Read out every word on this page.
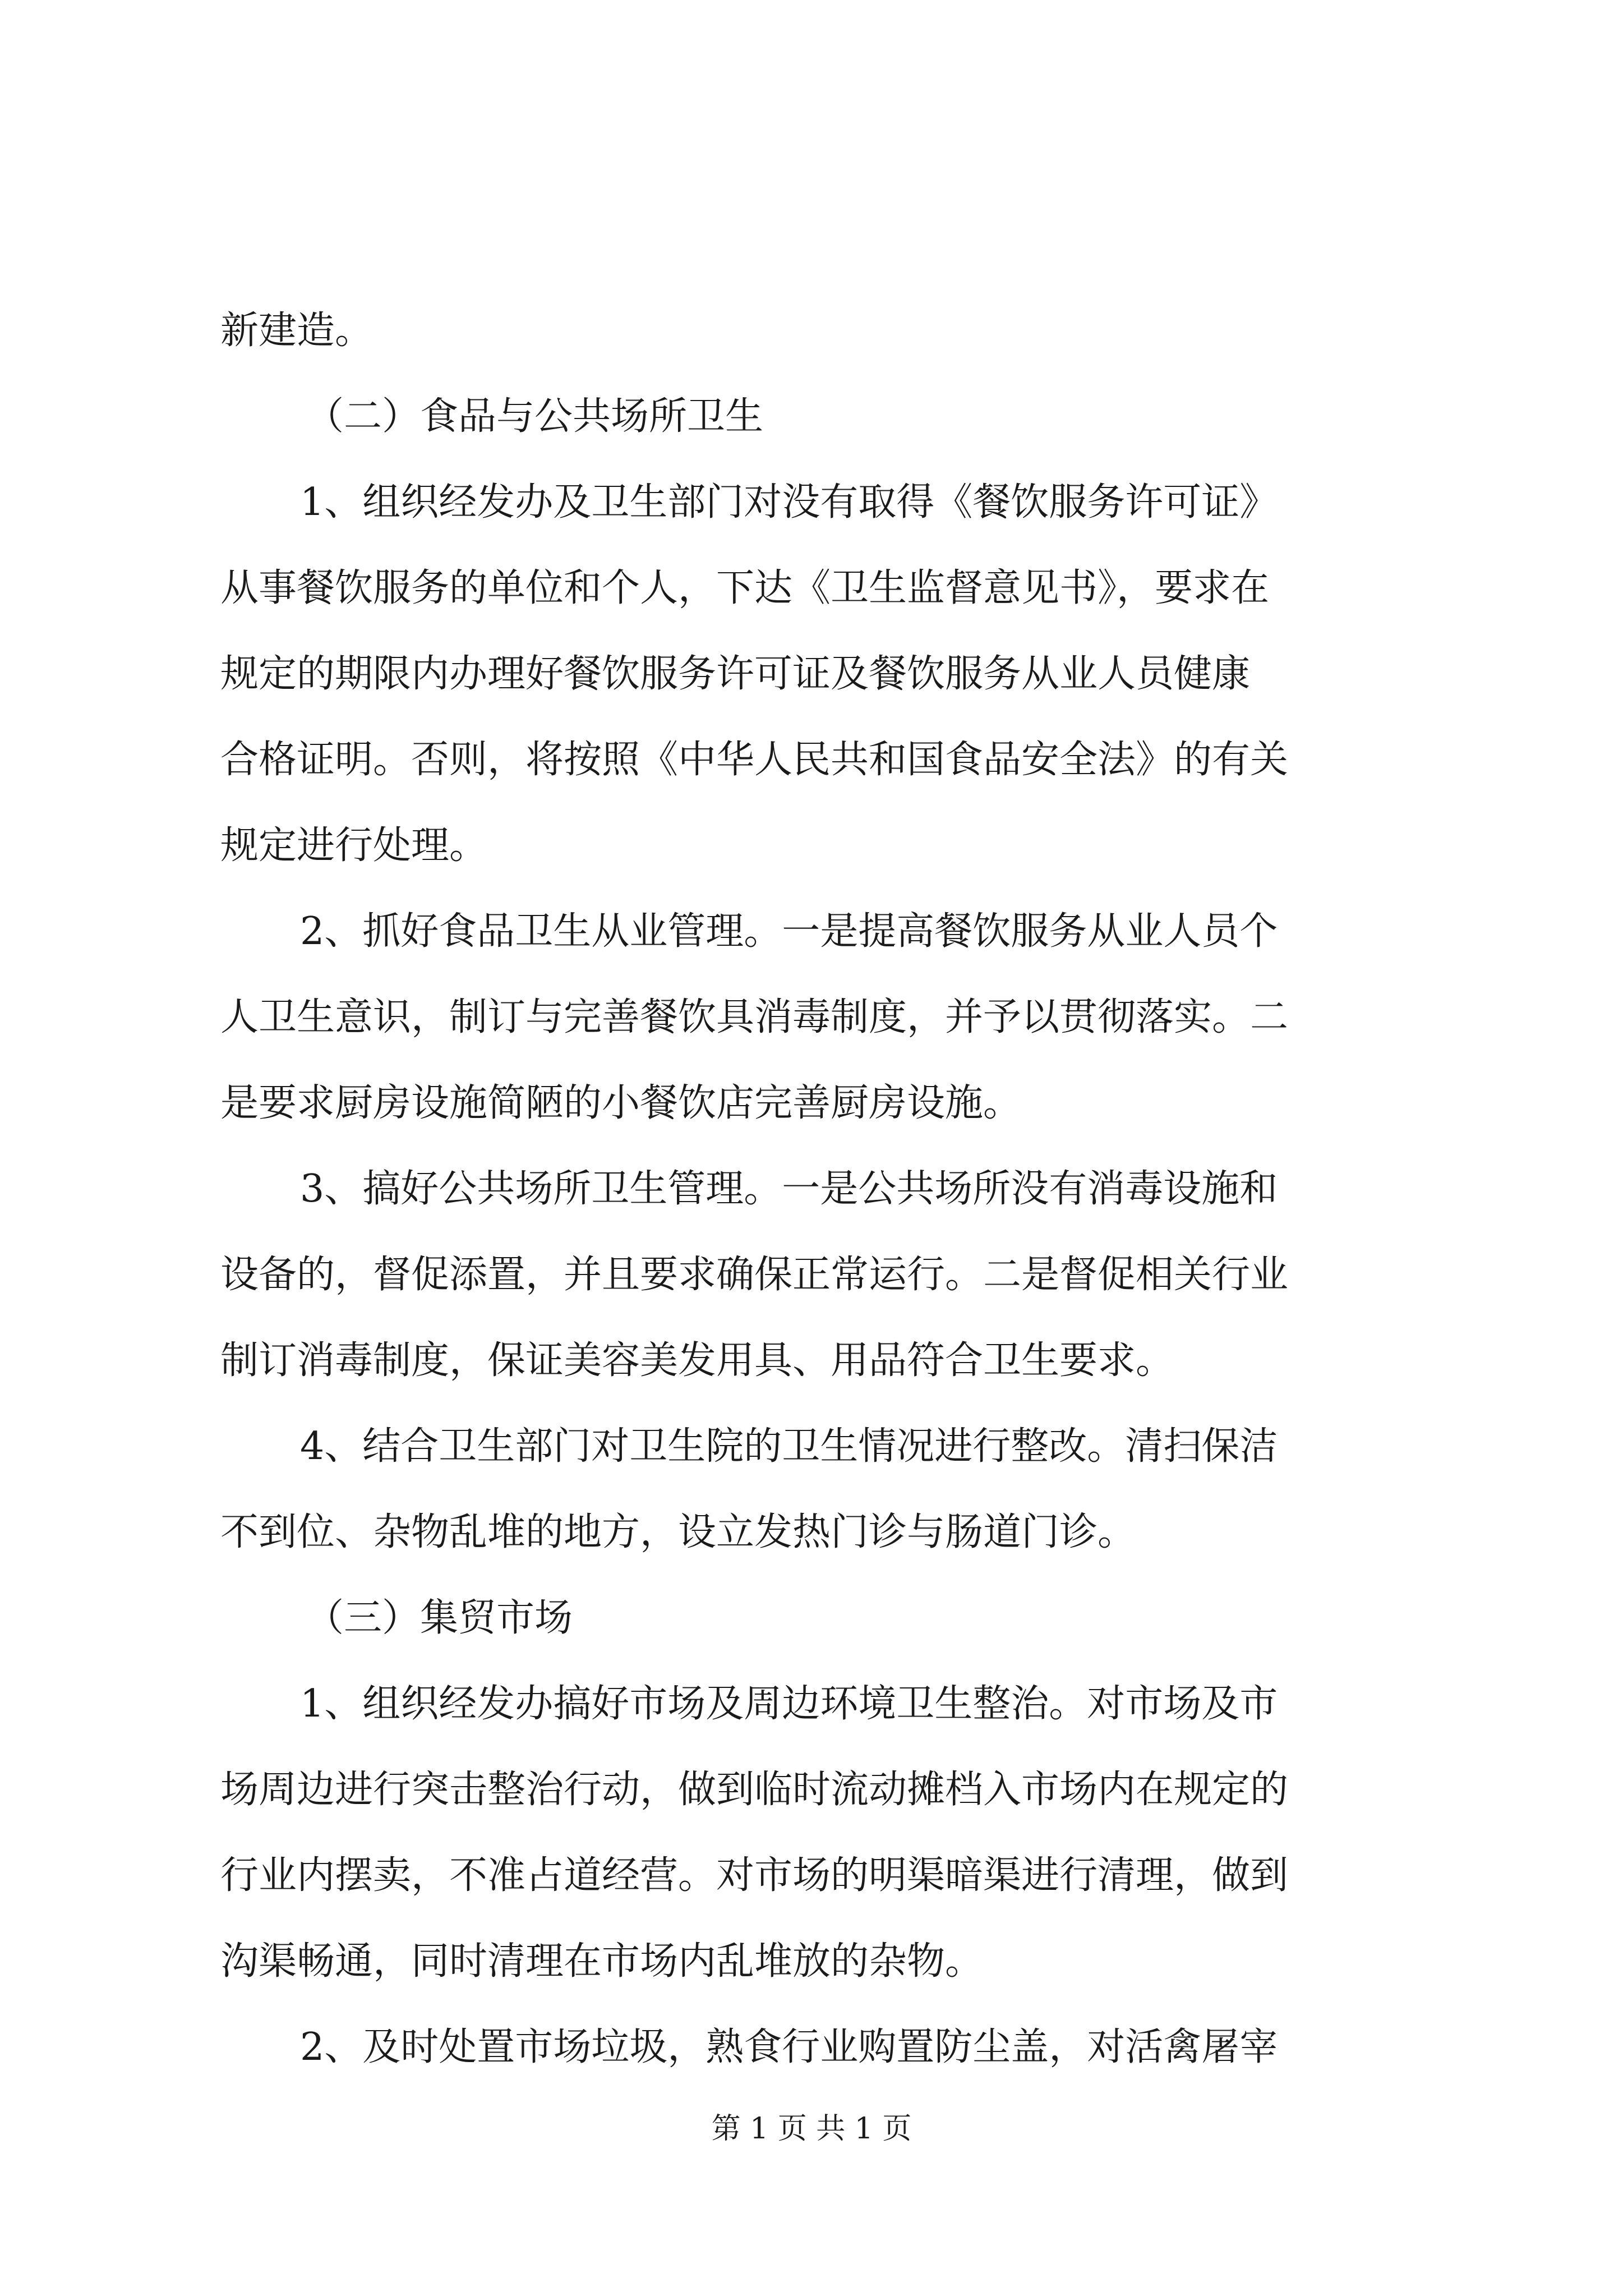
新建造。

（二）食品与公共场所卫生

1、组织经发办及卫生部门对没有取得《餐饮服务许可证》

从事餐饮服务的单位和个人，下达《卫生监督意见书》，要求在

规定的期限内办理好餐饮服务许可证及餐饮服务从业人员健康

合格证明。否则，将按照《中华人民共和国食品安全法》的有关

规定进行处理。

2、抓好食品卫生从业管理。一是提高餐饮服务从业人员个

人卫生意识，制订与完善餐饮具消毒制度，并予以贯彻落实。二

是要求厨房设施简陋的小餐饮店完善厨房设施。

3、搞好公共场所卫生管理。一是公共场所没有消毒设施和

设备的，督促添置，并且要求确保正常运行。二是督促相关行业

制订消毒制度，保证美容美发用具、用品符合卫生要求。

4、结合卫生部门对卫生院的卫生情况进行整改。清扫保洁

不到位、杂物乱堆的地方，设立发热门诊与肠道门诊。

（三）集贸市场

1、组织经发办搞好市场及周边环境卫生整治。对市场及市

场周边进行突击整治行动，做到临时流动摊档入市场内在规定的

行业内摆卖，不准占道经营。对市场的明渠暗渠进行清理，做到

沟渠畅通，同时清理在市场内乱堆放的杂物。

2、及时处置市场垃圾，熟食行业购置防尘盖，对活禽屠宰

第 1 页 共 1 页
